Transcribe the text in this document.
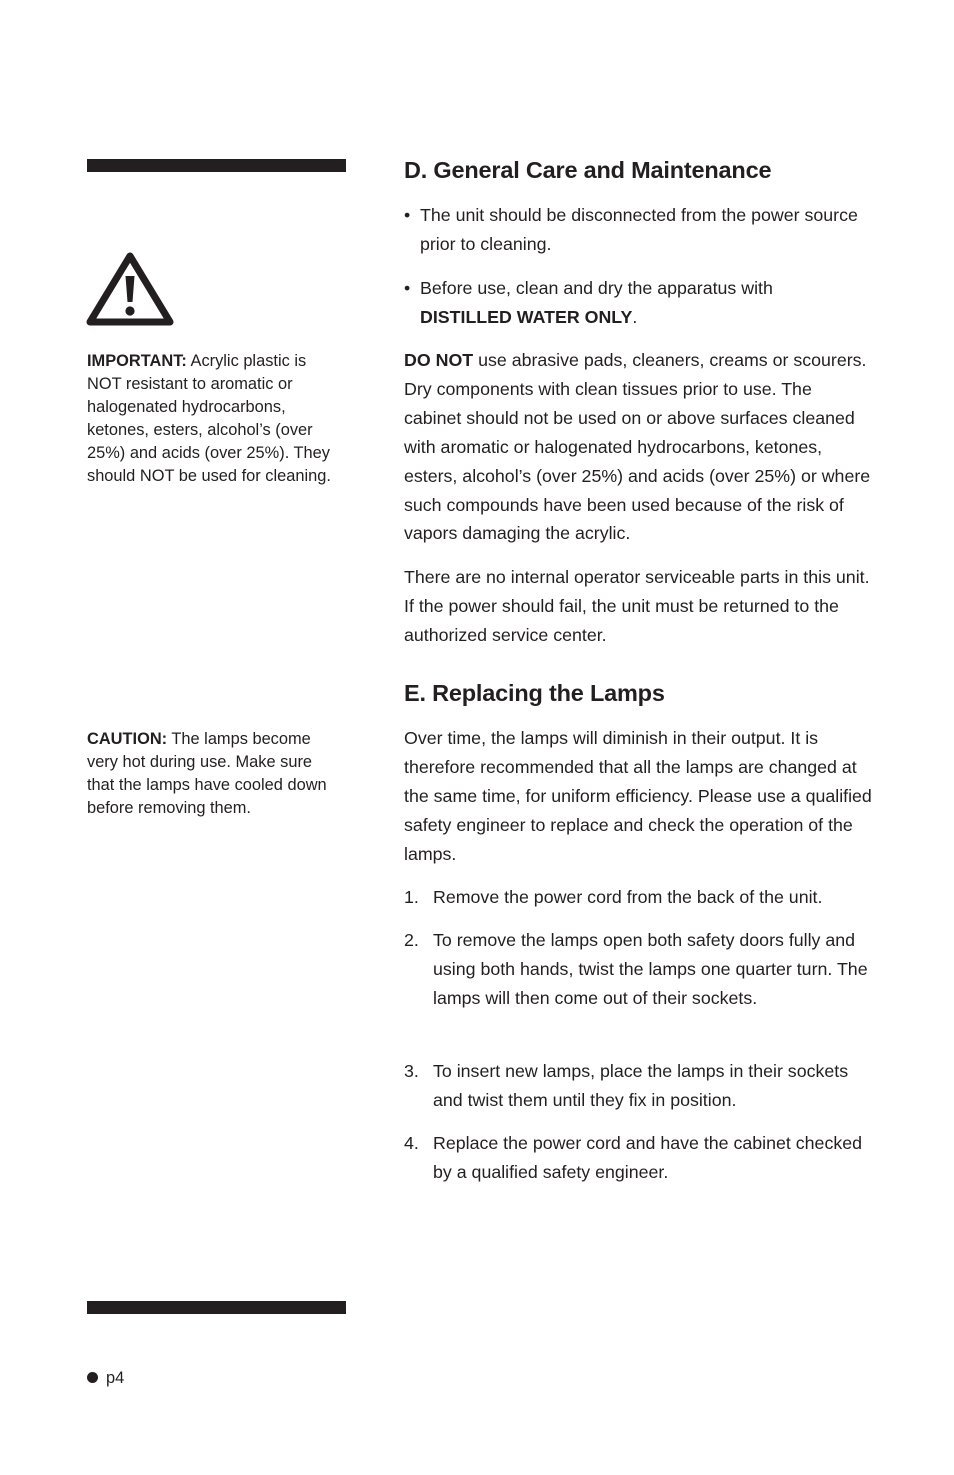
IMPORTANT: Acrylic plastic is NOT resistant to aromatic or halogenated hydrocarbons, ketones, esters, alcohol’s (over 25%) and acids (over 25%). They should NOT be used for cleaning.
CAUTION: The lamps become very hot during use. Make sure that the lamps have cooled down before removing them.
D. General Care and Maintenance
• The unit should be disconnected from the power source prior to cleaning.
• Before use, clean and dry the apparatus with
DISTILLED WATER ONLY.

DO NOT use abrasive pads, cleaners, creams or scourers. Dry components with clean tissues prior to use. The cabinet should not be used on or above surfaces cleaned with aromatic or halogenated hydrocarbons, ketones, esters, alcohol’s (over 25%) and acids (over 25%) or where such compounds have been used because of the risk of vapors damaging the acrylic.

There are no internal operator serviceable parts in this unit. If the power should fail, the unit must be returned to the authorized service center.

E. Replacing the Lamps

Over time, the lamps will diminish in their output. It is therefore recommended that all the lamps are changed at the same time, for uniform efficiency. Please use a qualified safety engineer to replace and check the operation of the lamps.

1. Remove the power cord from the back of the unit.
2. To remove the lamps open both safety doors fully and using both hands, twist the lamps one quarter turn. The lamps will then come out of their sockets.
3. To insert new lamps, place the lamps in their sockets and twist them until they fix in position.
4. Replace the power cord and have the cabinet checked by a qualified safety engineer.
p4
